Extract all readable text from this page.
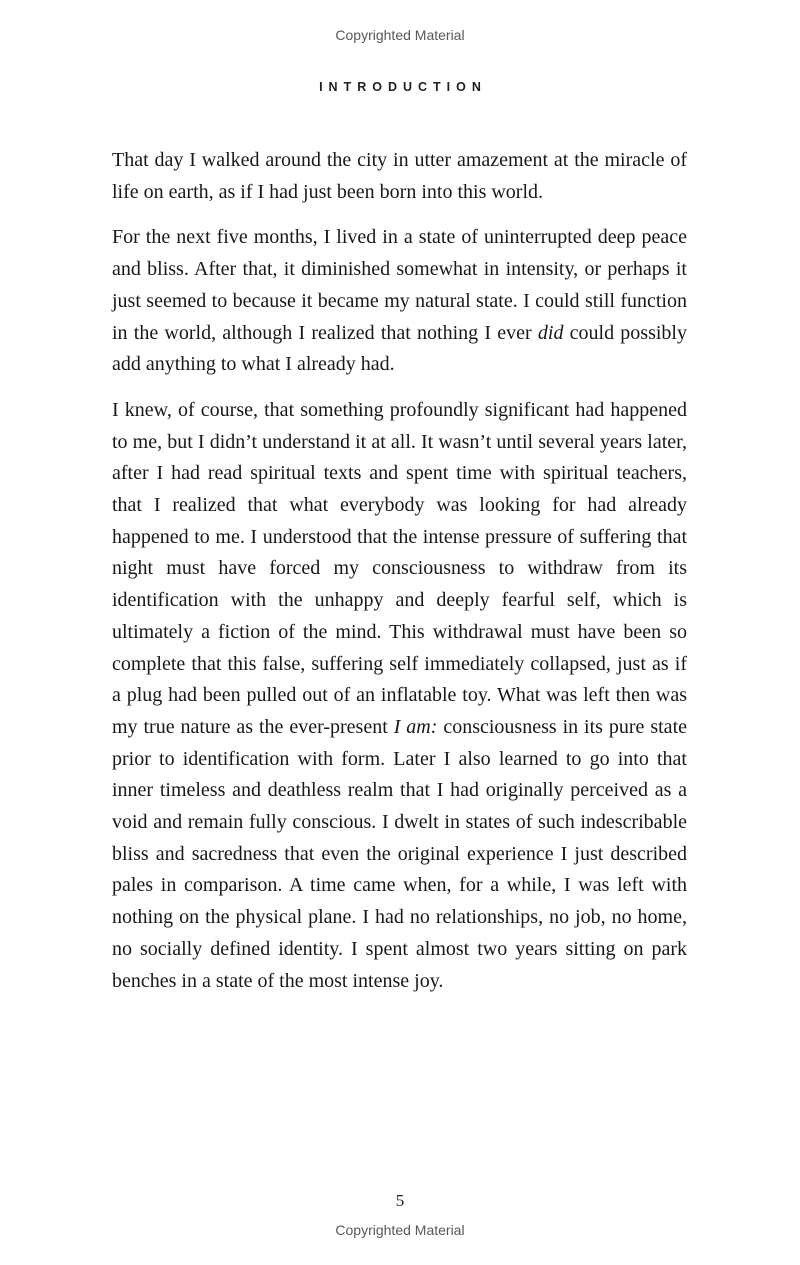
Copyrighted Material
INTRODUCTION

That day I walked around the city in utter amazement at the miracle of life on earth, as if I had just been born into this world.

For the next five months, I lived in a state of uninterrupted deep peace and bliss. After that, it diminished somewhat in intensity, or perhaps it just seemed to because it became my natural state. I could still function in the world, although I realized that nothing I ever did could possibly add anything to what I already had.

I knew, of course, that something profoundly significant had happened to me, but I didn’t understand it at all. It wasn’t until several years later, after I had read spiritual texts and spent time with spiritual teachers, that I realized that what everybody was looking for had already happened to me. I understood that the intense pressure of suffering that night must have forced my consciousness to withdraw from its identification with the unhappy and deeply fearful self, which is ultimately a fiction of the mind. This withdrawal must have been so complete that this false, suffering self immediately collapsed, just as if a plug had been pulled out of an inflatable toy. What was left then was my true nature as the ever-present I am: consciousness in its pure state prior to identification with form. Later I also learned to go into that inner timeless and deathless realm that I had originally perceived as a void and remain fully conscious. I dwelt in states of such indescribable bliss and sacredness that even the original experience I just described pales in comparison. A time came when, for a while, I was left with nothing on the physical plane. I had no relationships, no job, no home, no socially defined identity. I spent almost two years sitting on park benches in a state of the most intense joy.

5
Copyrighted Material
